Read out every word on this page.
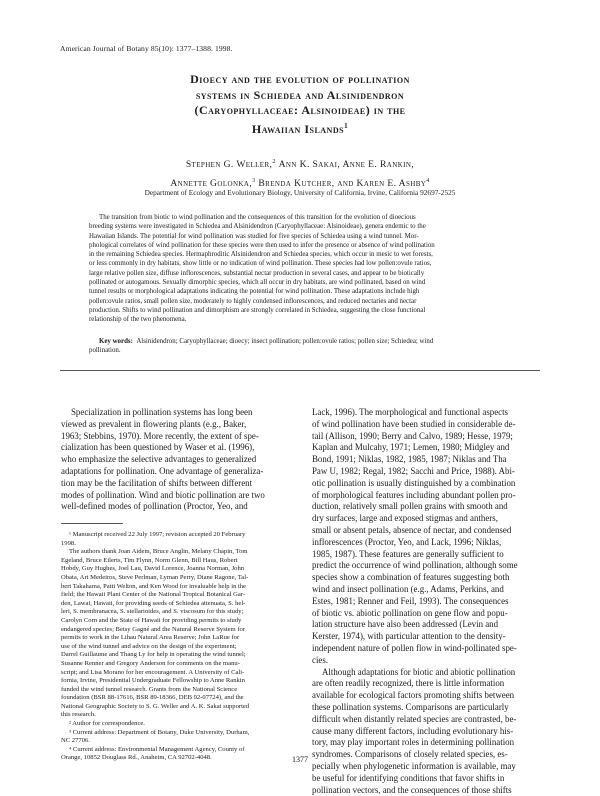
American Journal of Botany 85(10): 1377–1388. 1998.
Dioecy and the evolution of pollination
systems in Schiedea and Alsinidendron
(Caryophyllaceae: Alsinoideae) in the
Hawaiian Islands$^1$
Stephen G. Weller,$^2$ Ann K. Sakai, Anne E. Rankin,
Annette Golonka,$^3$ Brenda Kutcher, and Karen E. Ashby$^4$
Department of Ecology and Evolutionary Biology, University of California, Irvine, California 92697-2525
The transition from biotic to wind pollination and the consequences of this transition for the evolution of dioecious
breeding systems were investigated in Schiedea and Alsinidendron (Caryophyllaceae: Alsinoideae), genera endemic to the
Hawaiian Islands. The potential for wind pollination was studied for five species of Schiedea using a wind tunnel. Mor-
phological correlates of wind pollination for these species were then used to infer the presence or absence of wind pollination
in the remaining Schiedea species. Hermaphroditic Alsinidendron and Schiedea species, which occur in mesic to wet forests,
or less commonly in dry habitats, show little or no indication of wind pollination. These species had low pollen:ovule ratios,
large relative pollen size, diffuse inflorescences, substantial nectar production in several cases, and appear to be biotically
pollinated or autogamous. Sexually dimorphic species, which all occur in dry habitats, are wind pollinated, based on wind
tunnel results or morphological adaptations indicating the potential for wind pollination. These adaptations include high
pollen:ovule ratios, small pollen size, moderately to highly condensed inflorescences, and reduced nectaries and nectar
production. Shifts to wind pollination and dimorphism are strongly correlated in Schiedea, suggesting the close functional
relationship of the two phenomena.
Key words: Alsinidendron; Caryophyllaceae; dioecy; insect pollination; pollen:ovule ratios; pollen size; Schiedea; wind
pollination.
Specialization in pollination systems has long been
viewed as prevalent in flowering plants (e.g., Baker,
1963; Stebbins, 1970). More recently, the extent of spe-
cialization has been questioned by Waser et al. (1996),
who emphasize the selective advantages to generalized
adaptations for pollination. One advantage of generaliza-
tion may be the facilitation of shifts between different
modes of pollination. Wind and biotic pollination are two
well-defined modes of pollination (Proctor, Yeo, and
¹ Manuscript received 22 July 1997; revision accepted 20 February
1998.
The authors thank Joan Aidem, Bruce Anglin, Melany Chapin, Tom
Egeland, Bruce Eilerts, Tim Flynn, Norm Glenn, Bill Haus, Robert
Hobdy, Guy Hughes, Joel Lau, David Lorence, Joanna Norman, John
Obata, Art Medeiros, Steve Perlman, Lyman Perry, Diane Ragone, Tal-
bert Takahama, Patti Welton, and Ken Wood for invaluable help in the
field; the Hawaii Plant Center of the National Tropical Botanical Gar-
den, Lawai, Hawaii, for providing seeds of Schiedea attenuata, S. hel-
leri, S. membranacea, S. stellarioides, and S. viscosum for this study;
Carolyn Corn and the State of Hawaii for providing permits to study
endangered species; Betsy Gagné and the Natural Reserve System for
permits to work in the Lihau Natural Area Reserve; John LaRue for
use of the wind tunnel and advice on the design of the experiment;
Darrel Guillaume and Thang Ly for help in operating the wind tunnel;
Susanne Renner and Gregory Anderson for comments on the manu-
script; and Lisa Morano for her encouragement. A University of Cali-
fornia, Irvine, Presidential Undergraduate Fellowship to Anne Rankin
funded the wind tunnel research. Grants from the National Science
foundation (BSR 88-17616, BSR 89-18366, DEB 92-07724), and the
National Geographic Society to S. G. Weller and A. K. Sakai supported
this research.
² Author for correspondence.
³ Current address: Department of Botany, Duke University, Durham,
NC 27706.
⁴ Current address: Environmental Management Agency, County of
Orange, 10852 Douglass Rd., Anaheim, CA 92702-4048.
Lack, 1996). The morphological and functional aspects
of wind pollination have been studied in considerable de-
tail (Allison, 1990; Berry and Calvo, 1989; Hesse, 1979;
Kaplan and Mulcahy, 1971; Lemen, 1980; Midgley and
Bond, 1991; Niklas, 1982, 1985, 1987; Niklas and Tha
Paw U, 1982; Regal, 1982; Sacchi and Price, 1988). Abi-
otic pollination is usually distinguished by a combination
of morphological features including abundant pollen pro-
duction, relatively small pollen grains with smooth and
dry surfaces, large and exposed stigmas and anthers,
small or absent petals, absence of nectar, and condensed
inflorescences (Proctor, Yeo, and Lack, 1996; Niklas,
1985, 1987). These features are generally sufficient to
predict the occurrence of wind pollination, although some
species show a combination of features suggesting both
wind and insect pollination (e.g., Adams, Perkins, and
Estes, 1981; Renner and Feil, 1993). The consequences
of biotic vs. abiotic pollination on gene flow and popu-
lation structure have also been addressed (Levin and
Kerster, 1974), with particular attention to the density-
independent nature of pollen flow in wind-pollinated spe-
cies.
Although adaptations for biotic and abiotic pollination
are often readily recognized, there is little information
available for ecological factors promoting shifts between
these pollination systems. Comparisons are particularly
difficult when distantly related species are contrasted, be-
cause many different factors, including evolutionary his-
tory, may play important roles in determining pollination
syndromes. Comparisons of closely related species, es-
pecially when phylogenetic information is available, may
be useful for identifying conditions that favor shifts in
pollination vectors, and the consequences of those shifts
1377
